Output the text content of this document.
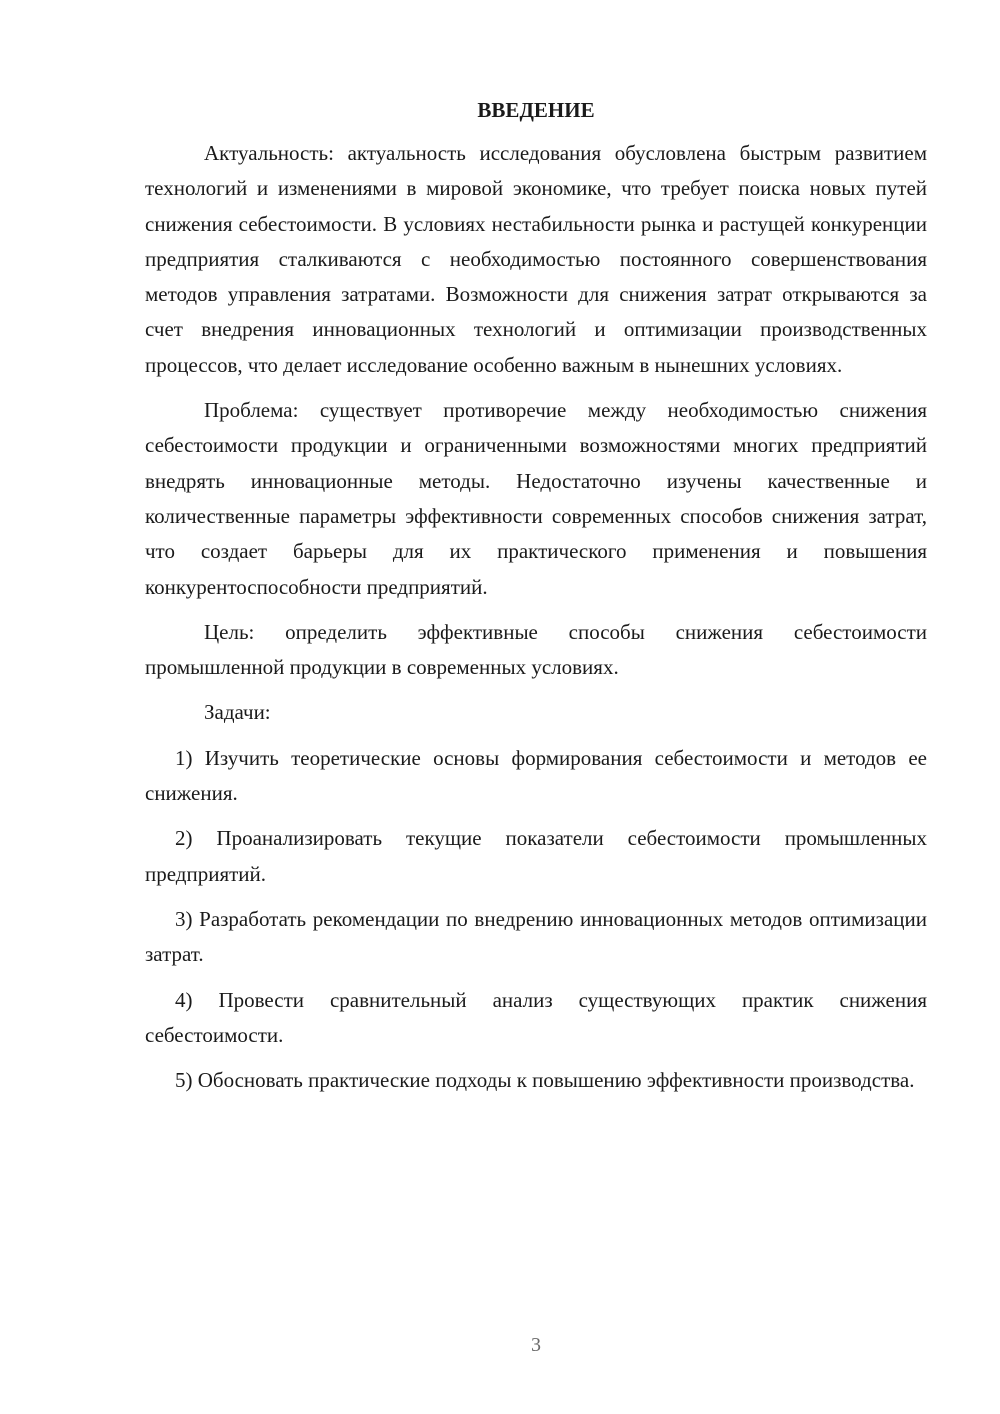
ВВЕДЕНИЕ

Актуальность: актуальность исследования обусловлена быстрым развитием технологий и изменениями в мировой экономике, что требует поиска новых путей снижения себестоимости. В условиях нестабильности рынка и растущей конкуренции предприятия сталкиваются с необходимостью постоянного совершенствования методов управления затратами. Возможности для снижения затрат открываются за счет внедрения инновационных технологий и оптимизации производственных процессов, что делает исследование особенно важным в нынешних условиях.

Проблема: существует противоречие между необходимостью снижения себестоимости продукции и ограниченными возможностями многих предприятий внедрять инновационные методы. Недостаточно изучены качественные и количественные параметры эффективности современных способов снижения затрат, что создает барьеры для их практического применения и повышения конкурентоспособности предприятий.

Цель: определить эффективные способы снижения себестоимости промышленной продукции в современных условиях.

Задачи:

1) Изучить теоретические основы формирования себестоимости и методов ее снижения.

2) Проанализировать текущие показатели себестоимости промышленных предприятий.

3) Разработать рекомендации по внедрению инновационных методов оптимизации затрат.

4) Провести сравнительный анализ существующих практик снижения себестоимости.

5) Обосновать практические подходы к повышению эффективности производства.

3
